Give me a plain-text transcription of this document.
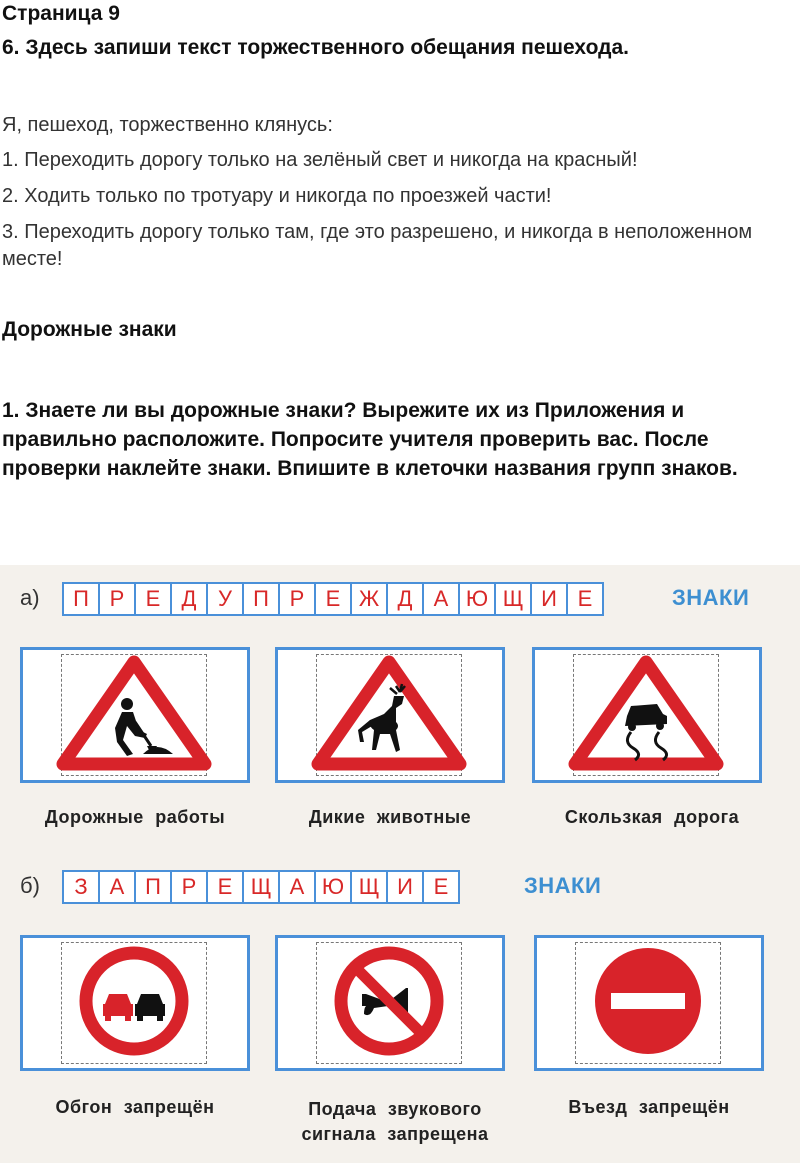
Страница 9
6. Здесь запиши текст торжественного обещания пешехода.
Я, пешеход, торжественно клянусь:
1. Переходить дорогу только на зелёный свет и никогда на красный!
2. Ходить только по тротуару и никогда по проезжей части!
3. Переходить дорогу только там, где это разрешено, и никогда в неположенном месте!
Дорожные знаки
1. Знаете ли вы дорожные знаки? Вырежите их из Приложения и правильно расположите. Попросите учителя проверить вас. После проверки наклейте знаки. Впишите в клеточки названия групп знаков.
а)	П Р Е Д У П Р Е Ж Д А Ю Щ И Е	ЗНАКИ
Дорожные работы	Дикие животные	Скользкая дорога
б)	З	А П Р Е Щ А Ю Щ И Е	ЗНАКИ
Обгон запрещён	Подача звукового
сигнала запрещена
Въезд запрещён
